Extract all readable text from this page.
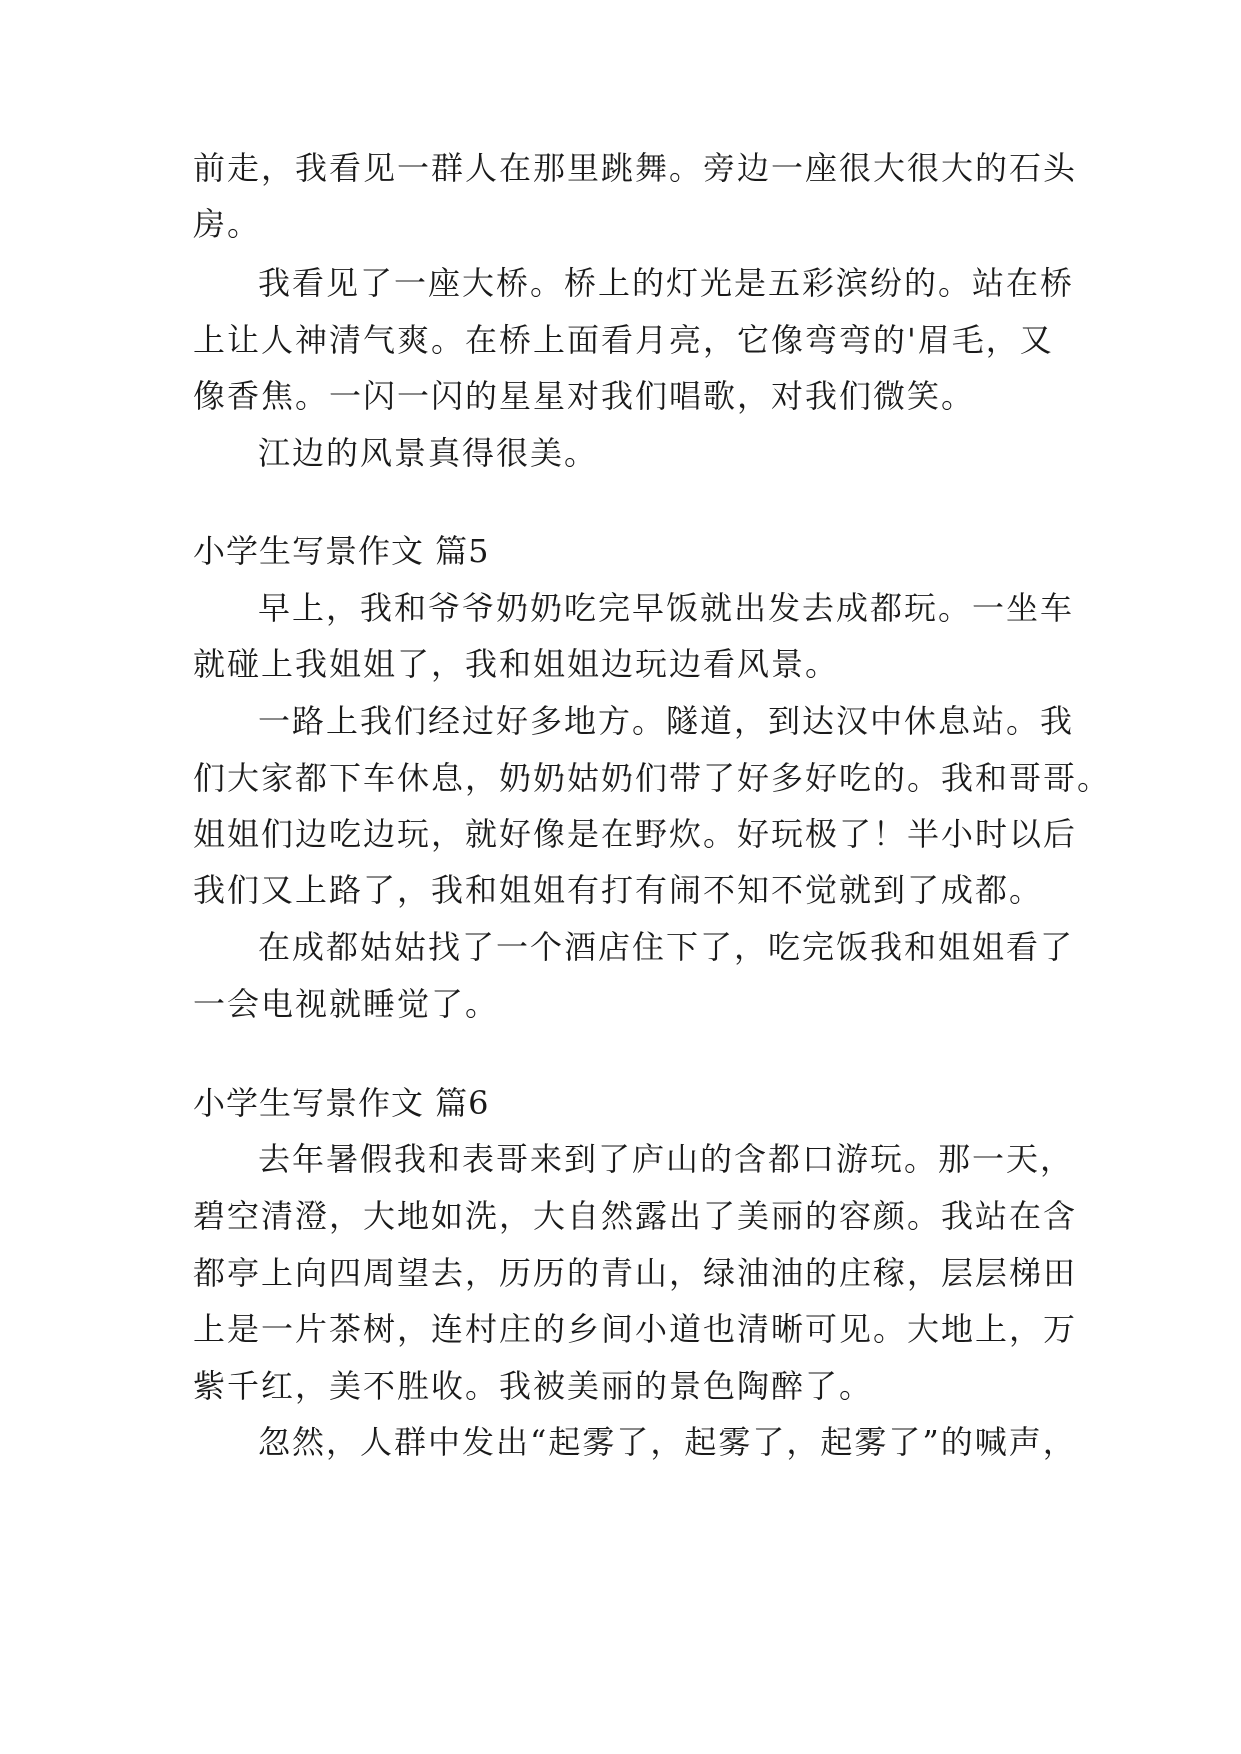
前走，我看见一群人在那里跳舞。旁边一座很大很大的石头
房。
我看见了一座大桥。桥上的灯光是五彩滨纷的。站在桥
上让人神清气爽。在桥上面看月亮，它像弯弯的'眉毛，又
像香焦。一闪一闪的星星对我们唱歌，对我们微笑。
江边的风景真得很美。
小学生写景作文 篇5
早上，我和爷爷奶奶吃完早饭就出发去成都玩。一坐车
就碰上我姐姐了，我和姐姐边玩边看风景。
一路上我们经过好多地方。隧道，到达汉中休息站。我
们大家都下车休息，奶奶姑奶们带了好多好吃的。我和哥哥。
姐姐们边吃边玩，就好像是在野炊。好玩极了！半小时以后
我们又上路了，我和姐姐有打有闹不知不觉就到了成都。
在成都姑姑找了一个酒店住下了，吃完饭我和姐姐看了
一会电视就睡觉了。
小学生写景作文 篇6
去年暑假我和表哥来到了庐山的含都口游玩。那一天，
碧空清澄，大地如洗，大自然露出了美丽的容颜。我站在含
都亭上向四周望去，历历的青山，绿油油的庄稼，层层梯田
上是一片茶树，连村庄的乡间小道也清晰可见。大地上，万
紫千红，美不胜收。我被美丽的景色陶醉了。
忽然，人群中发出“起雾了，起雾了，起雾了”的喊声，
